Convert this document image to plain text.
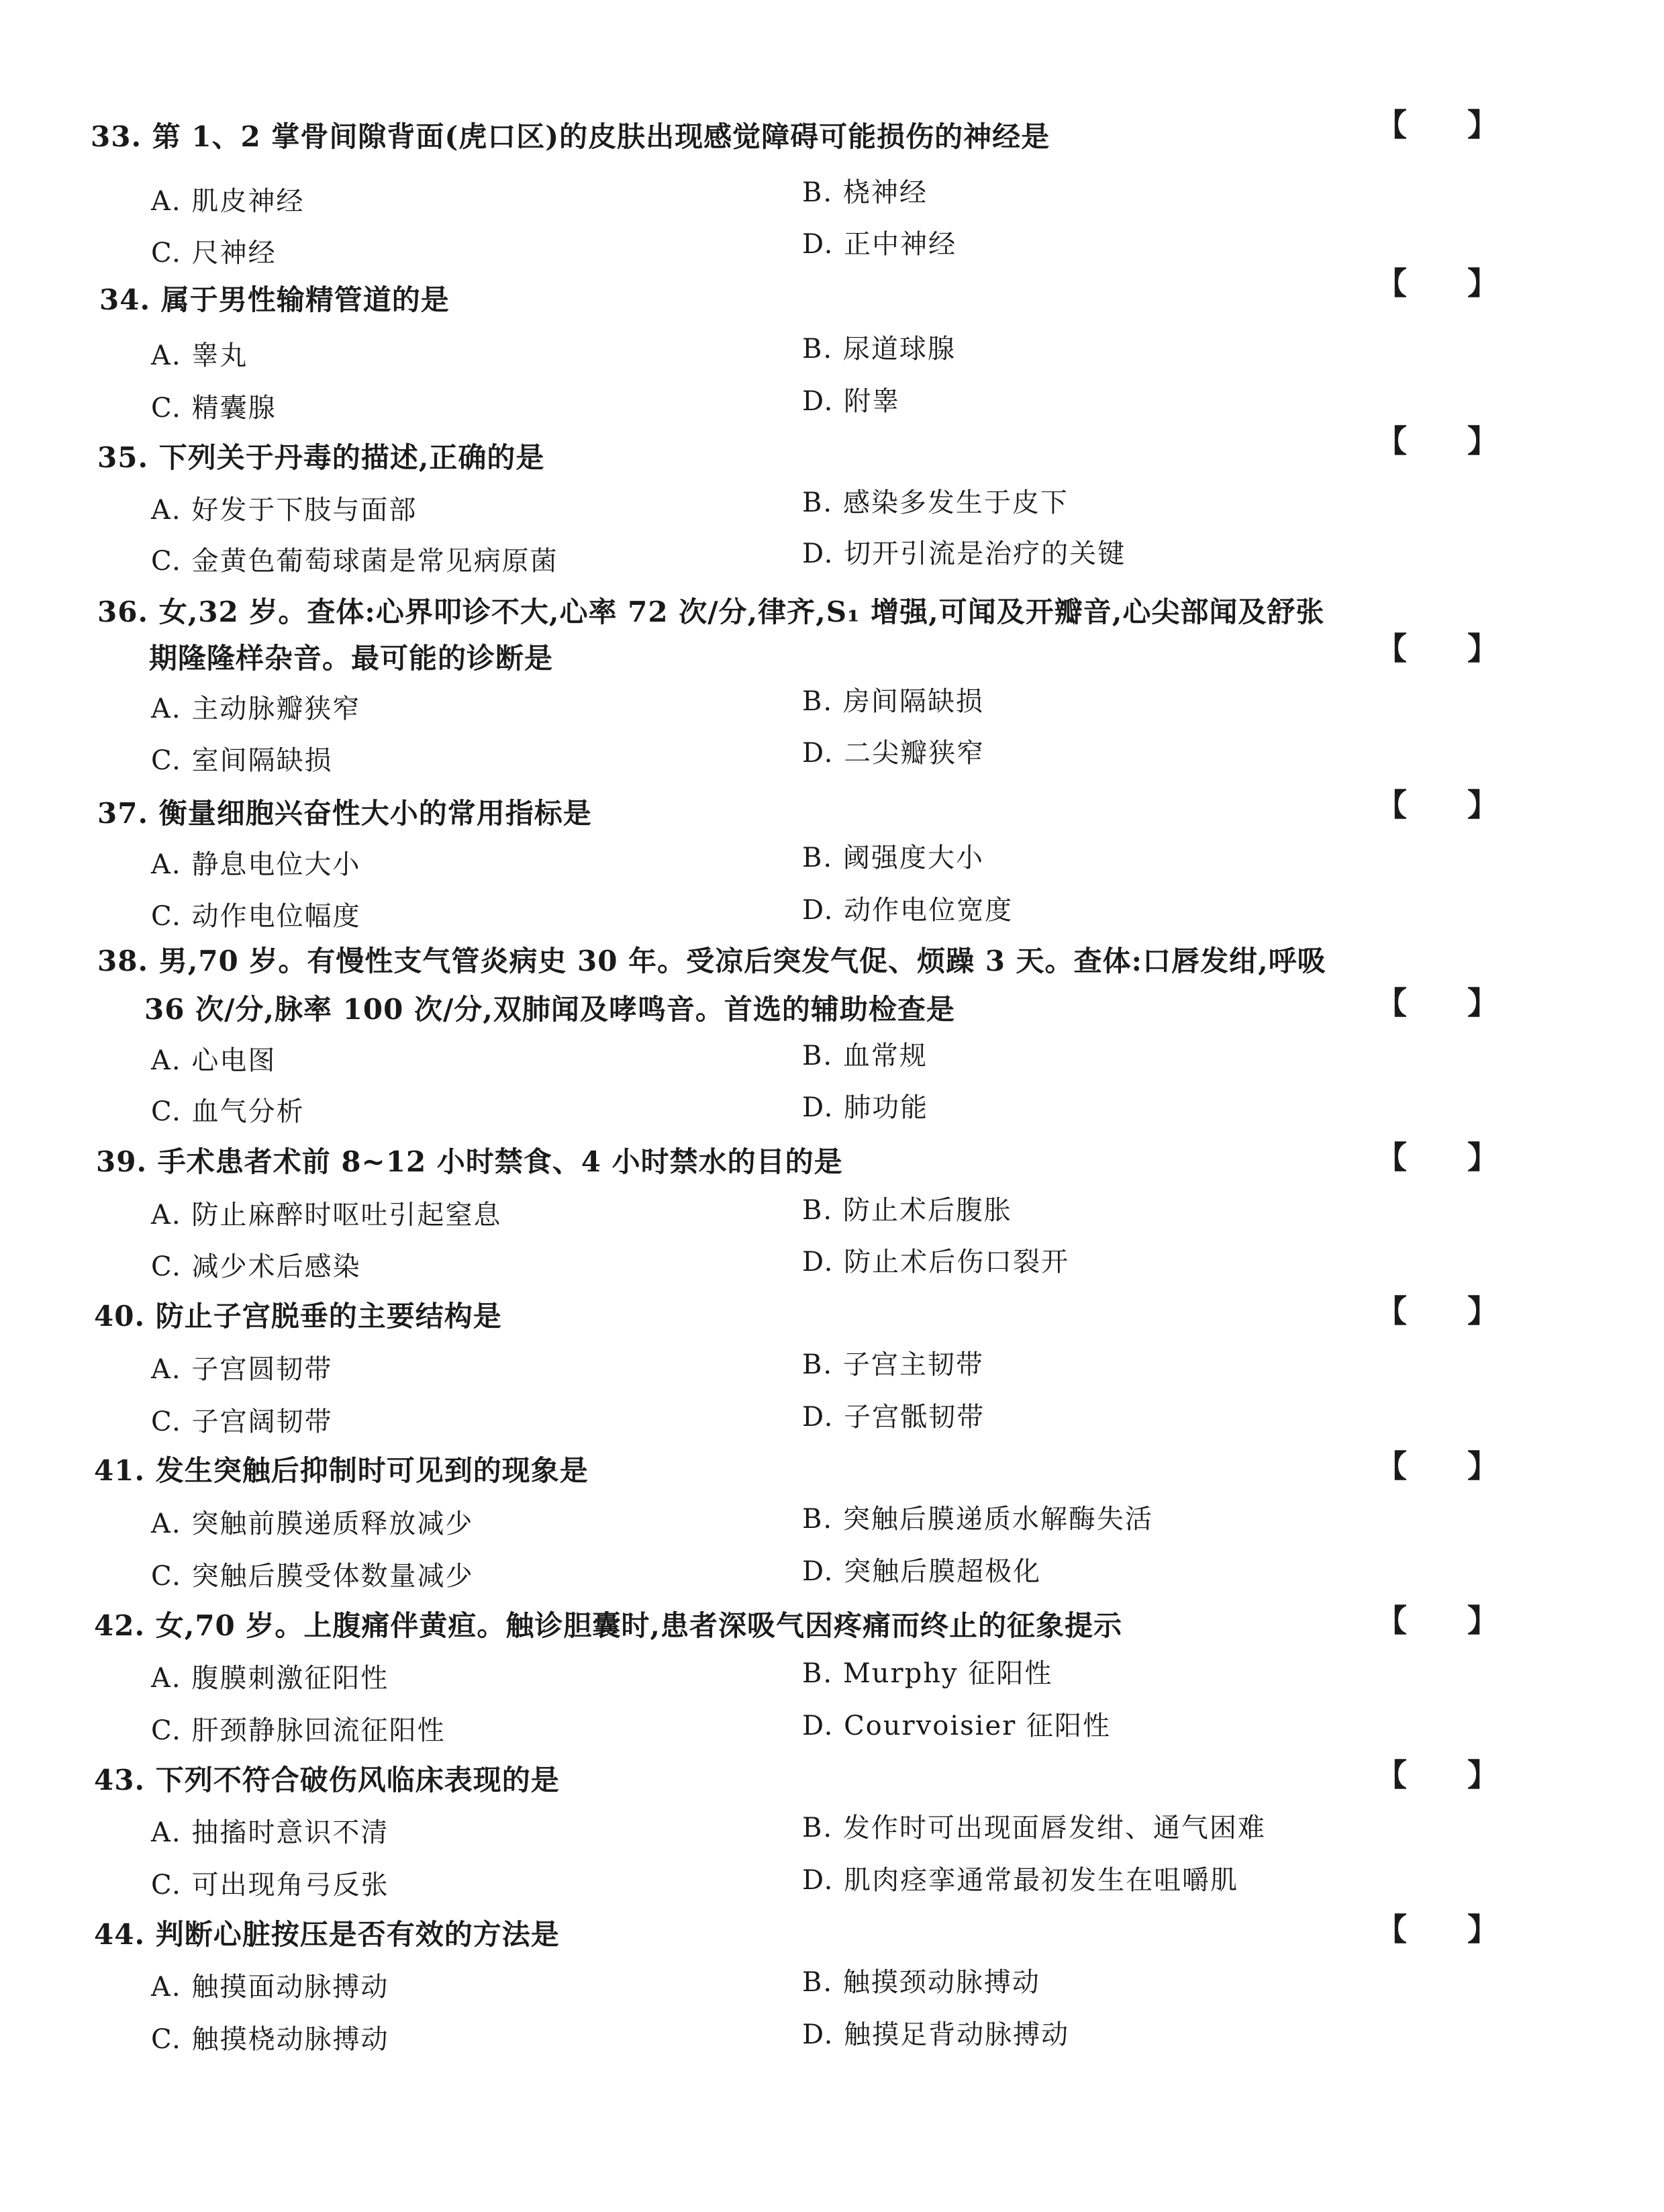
33. 第 1、2 掌骨间隙背面(虎口区)的皮肤出现感觉障碍可能损伤的神经是	【 】
A. 肌皮神经	B. 桡神经
C. 尺神经	D. 正中神经
34. 属于男性输精管道的是	【 】
A. 睾丸	B. 尿道球腺
C. 精囊腺	D. 附睾
35. 下列关于丹毒的描述,正确的是	【 】
A. 好发于下肢与面部	B. 感染多发生于皮下
C. 金黄色葡萄球菌是常见病原菌	D. 切开引流是治疗的关键
36. 女,32 岁。查体:心界叩诊不大,心率 72 次/分,律齐,S₁ 增强,可闻及开瓣音,心尖部闻及舒张
期隆隆样杂音。最可能的诊断是	【 】
A. 主动脉瓣狭窄	B. 房间隔缺损
C. 室间隔缺损	D. 二尖瓣狭窄
37. 衡量细胞兴奋性大小的常用指标是	【 】
A. 静息电位大小	B. 阈强度大小
C. 动作电位幅度	D. 动作电位宽度
38. 男,70 岁。有慢性支气管炎病史 30 年。受凉后突发气促、烦躁 3 天。查体:口唇发绀,呼吸
36 次/分,脉率 100 次/分,双肺闻及哮鸣音。首选的辅助检查是	【 】
A. 心电图	B. 血常规
C. 血气分析	D. 肺功能
39. 手术患者术前 8~12 小时禁食、4 小时禁水的目的是	【 】
A. 防止麻醉时呕吐引起窒息	B. 防止术后腹胀
C. 减少术后感染	D. 防止术后伤口裂开
40. 防止子宫脱垂的主要结构是	【 】
A. 子宫圆韧带	B. 子宫主韧带
C. 子宫阔韧带	D. 子宫骶韧带
41. 发生突触后抑制时可见到的现象是	【 】
A. 突触前膜递质释放减少	B. 突触后膜递质水解酶失活
C. 突触后膜受体数量减少	D. 突触后膜超极化
42. 女,70 岁。上腹痛伴黄疸。触诊胆囊时,患者深吸气因疼痛而终止的征象提示	【 】
A. 腹膜刺激征阳性	B. Murphy 征阳性
C. 肝颈静脉回流征阳性	D. Courvoisier 征阳性
43. 下列不符合破伤风临床表现的是	【 】
A. 抽搐时意识不清	B. 发作时可出现面唇发绀、通气困难
C. 可出现角弓反张	D. 肌肉痉挛通常最初发生在咀嚼肌
44. 判断心脏按压是否有效的方法是	【 】
A. 触摸面动脉搏动	B. 触摸颈动脉搏动
C. 触摸桡动脉搏动	D. 触摸足背动脉搏动
